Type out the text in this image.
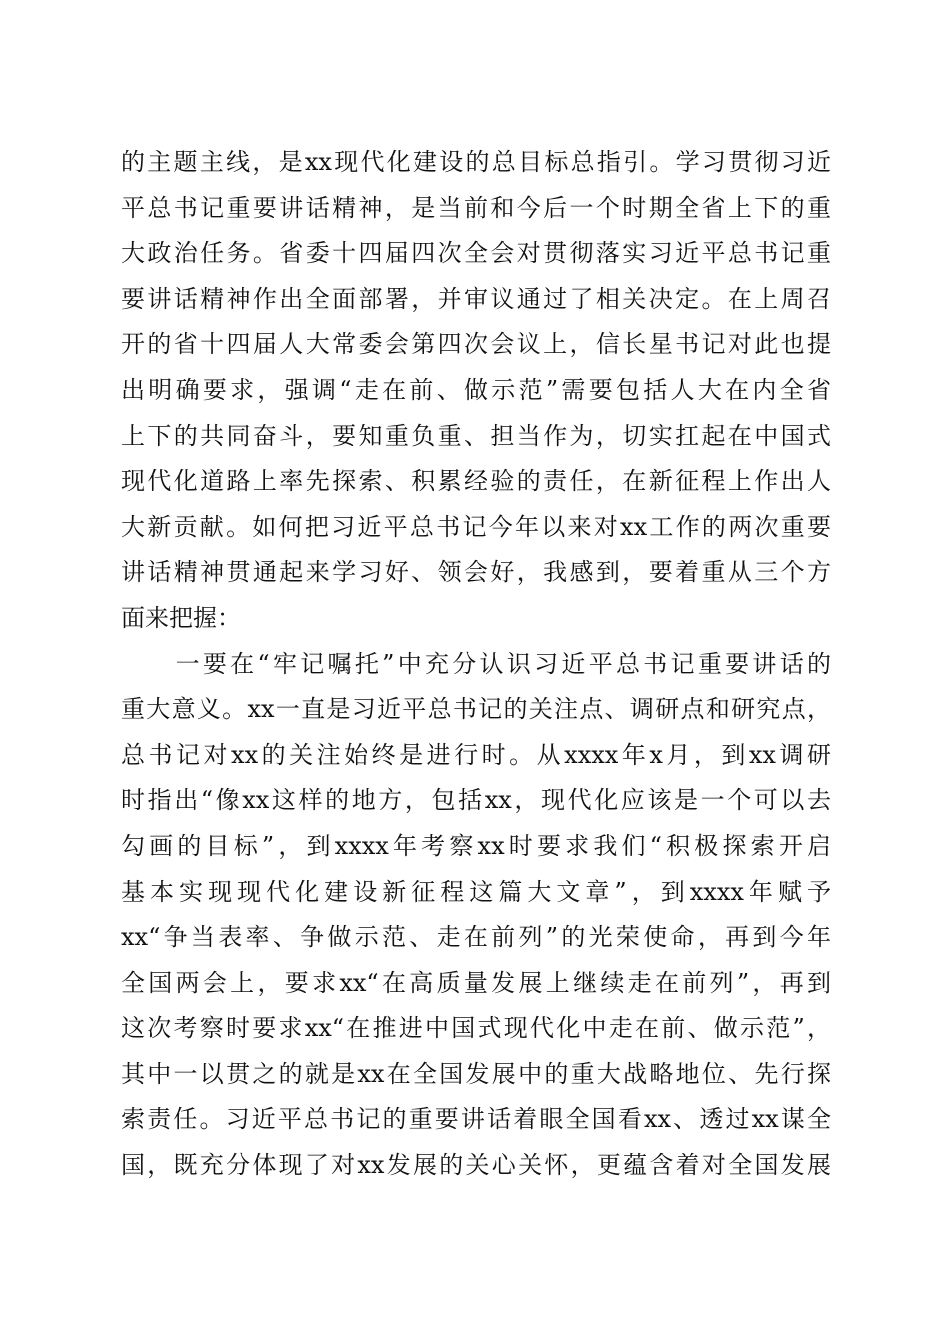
的主题主线，是xx现代化建设的总目标总指引。学习贯彻习近
平总书记重要讲话精神，是当前和今后一个时期全省上下的重
大政治任务。省委十四届四次全会对贯彻落实习近平总书记重
要讲话精神作出全面部署，并审议通过了相关决定。在上周召
开的省十四届人大常委会第四次会议上，信长星书记对此也提
出明确要求，强调“走在前、做示范”需要包括人大在内全省
上下的共同奋斗，要知重负重、担当作为，切实扛起在中国式
现代化道路上率先探索、积累经验的责任，在新征程上作出人
大新贡献。如何把习近平总书记今年以来对xx工作的两次重要
讲话精神贯通起来学习好、领会好，我感到，要着重从三个方
面来把握：
　　一要在“牢记嘱托”中充分认识习近平总书记重要讲话的
重大意义。xx一直是习近平总书记的关注点、调研点和研究点，
总书记对xx的关注始终是进行时。从xxxx年x月，到xx调研
时指出“像xx这样的地方，包括xx，现代化应该是一个可以去
勾画的目标”，到xxxx年考察xx时要求我们“积极探索开启
基本实现现代化建设新征程这篇大文章”，到xxxx年赋予
xx“争当表率、争做示范、走在前列”的光荣使命，再到今年
全国两会上，要求xx“在高质量发展上继续走在前列”，再到
这次考察时要求xx“在推进中国式现代化中走在前、做示范”，
其中一以贯之的就是xx在全国发展中的重大战略地位、先行探
索责任。习近平总书记的重要讲话着眼全国看xx、透过xx谋全
国，既充分体现了对xx发展的关心关怀，更蕴含着对全国发展
